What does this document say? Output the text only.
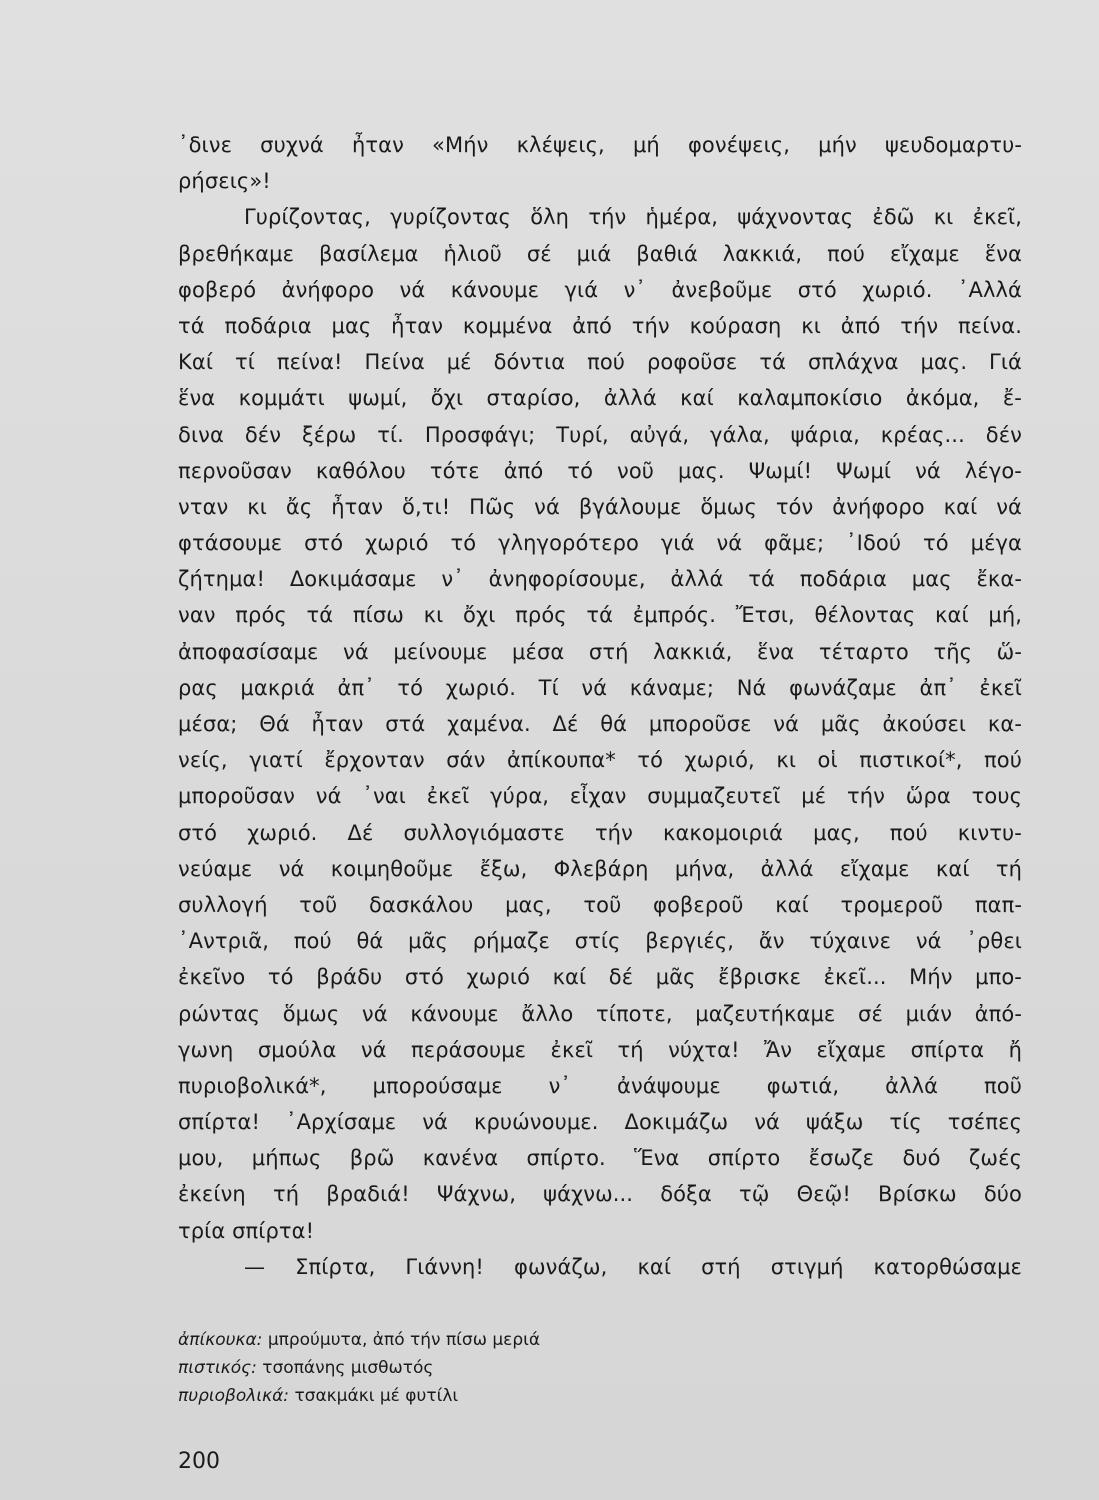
᾿δινε συχνά ἦταν «Μήν κλέψεις, μή φονέψεις, μήν ψευδομαρτυ-
ρήσεις»!
Γυρίζοντας, γυρίζοντας ὅλη τήν ἡμέρα, ψάχνοντας ἐδῶ κι ἐκεῖ,
βρεθήκαμε βασίλεμα ἡλιοῦ σέ μιά βαθιά λακκιά, πού εἴχαμε ἕνα
φοβερό ἀνήφορο νά κάνουμε γιά ν᾿ ἀνεβοῦμε στό χωριό. ᾿Αλλά
τά ποδάρια μας ἦταν κομμένα ἀπό τήν κούραση κι ἀπό τήν πείνα.
Καί τί πείνα! Πείνα μέ δόντια πού ροφοῦσε τά σπλάχνα μας. Γιά
ἕνα κομμάτι ψωμί, ὄχι σταρίσο, ἀλλά καί καλαμποκίσιο ἀκόμα, ἔ-
δινα δέν ξέρω τί. Προσφάγι; Τυρί, αὐγά, γάλα, ψάρια, κρέας... δέν
περνοῦσαν καθόλου τότε ἀπό τό νοῦ μας. Ψωμί! Ψωμί νά λέγο-
νταν κι ἄς ἦταν ὅ,τι! Πῶς νά βγάλουμε ὅμως τόν ἀνήφορο καί νά
φτάσουμε στό χωριό τό γληγορότερο γιά νά φᾶμε; ᾿Ιδού τό μέγα
ζήτημα! Δοκιμάσαμε ν᾿ ἀνηφορίσουμε, ἀλλά τά ποδάρια μας ἔκα-
ναν πρός τά πίσω κι ὄχι πρός τά ἐμπρός. Ἔτσι, θέλοντας καί μή,
ἀποφασίσαμε νά μείνουμε μέσα στή λακκιά, ἕνα τέταρτο τῆς ὥ-
ρας μακριά ἀπ᾿ τό χωριό. Τί νά κάναμε; Νά φωνάζαμε ἀπ᾿ ἐκεῖ
μέσα; Θά ἦταν στά χαμένα. Δέ θά μποροῦσε νά μᾶς ἀκούσει κα-
νείς, γιατί ἔρχονταν σάν ἀπίκουπα* τό χωριό, κι οἱ πιστικοί*, πού
μποροῦσαν νά ᾿ναι ἐκεῖ γύρα, εἶχαν συμμαζευτεῖ μέ τήν ὥρα τους
στό χωριό. Δέ συλλογιόμαστε τήν κακομοιριά μας, πού κιντυ-
νεύαμε νά κοιμηθοῦμε ἔξω, Φλεβάρη μήνα, ἀλλά εἴχαμε καί τή
συλλογή τοῦ δασκάλου μας, τοῦ φοβεροῦ καί τρομεροῦ παπ-
᾿Αντριᾶ, πού θά μᾶς ρήμαζε στίς βεργιές, ἄν τύχαινε νά ᾿ρθει
ἐκεῖνο τό βράδυ στό χωριό καί δέ μᾶς ἔβρισκε ἐκεῖ... Μήν μπο-
ρώντας ὅμως νά κάνουμε ἄλλο τίποτε, μαζευτήκαμε σέ μιάν ἀπό-
γωνη σμούλα νά περάσουμε ἐκεῖ τή νύχτα! Ἄν εἴχαμε σπίρτα ἤ
πυριοβολικά*, μπορούσαμε ν᾿ ἀνάψουμε φωτιά, ἀλλά ποῦ
σπίρτα! ᾿Αρχίσαμε νά κρυώνουμε. Δοκιμάζω νά ψάξω τίς τσέπες
μου, μήπως βρῶ κανένα σπίρτο. Ἕνα σπίρτο ἔσωζε δυό ζωές
ἐκείνη τή βραδιά! Ψάχνω, ψάχνω... δόξα τῷ Θεῷ! Βρίσκω δύο
τρία σπίρτα!
— Σπίρτα, Γιάννη! φωνάζω, καί στή στιγμή κατορθώσαμε
ἀπίκουκα: μπρούμυτα, ἀπό τήν πίσω μεριά
πιστικός: τσοπάνης μισθωτός
πυριοβολικά: τσακμάκι μέ φυτίλι
200
